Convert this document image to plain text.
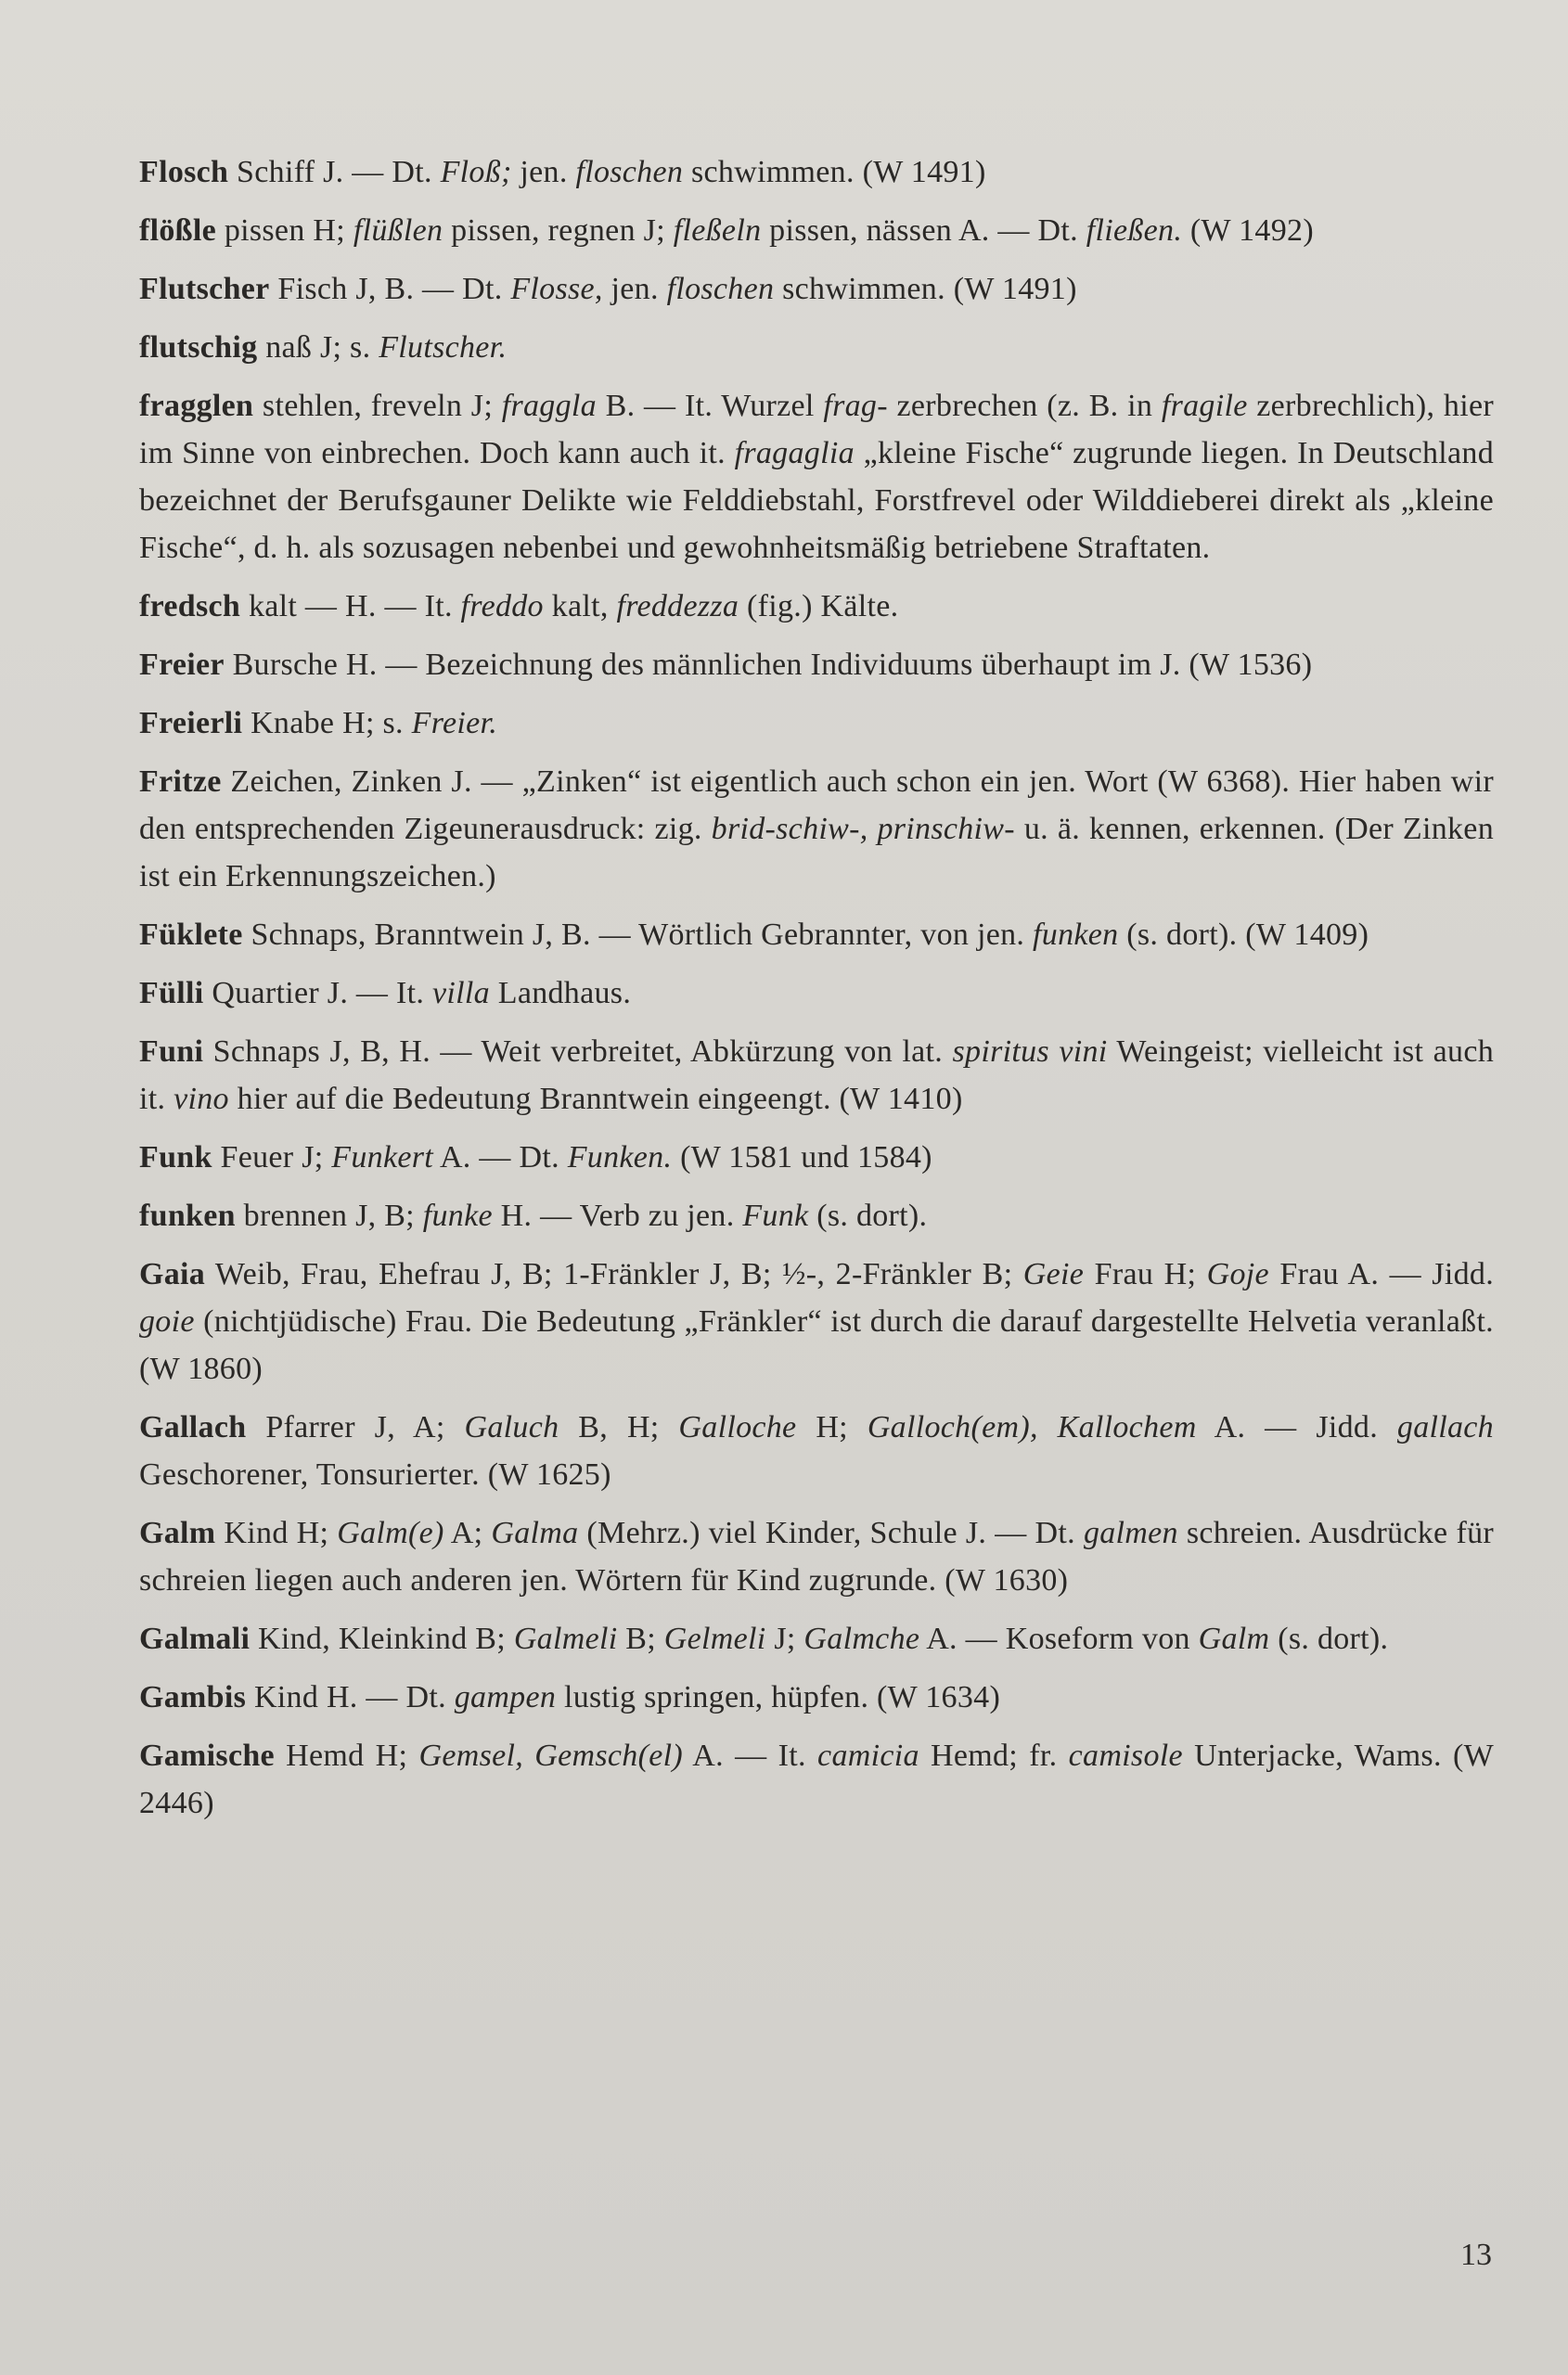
Flosch Schiff J. — Dt. Floß; jen. floschen schwimmen. (W 1491)

flößle pissen H; flüßlen pissen, regnen J; fleßeln pissen, nässen A. — Dt. fließen. (W 1492)

Flutscher Fisch J, B. — Dt. Flosse, jen. floschen schwimmen. (W 1491)

flutschig naß J; s. Flutscher.

fragglen stehlen, freveln J; fraggla B. — It. Wurzel frag- zerbrechen (z. B. in fragile zerbrechlich), hier im Sinne von einbrechen. Doch kann auch it. fragaglia „kleine Fische“ zugrunde liegen. In Deutschland bezeichnet der Berufsgauner Delikte wie Felddiebstahl, Forstfrevel oder Wilddieberei direkt als „kleine Fische“, d. h. als sozusagen nebenbei und gewohnheitsmäßig betriebene Straftaten.

fredsch kalt — H. — It. freddo kalt, freddezza (fig.) Kälte.

Freier Bursche H. — Bezeichnung des männlichen Individuums überhaupt im J. (W 1536)

Freierli Knabe H; s. Freier.

Fritze Zeichen, Zinken J. — „Zinken“ ist eigentlich auch schon ein jen. Wort (W 6368). Hier haben wir den entsprechenden Zigeunerausdruck: zig. brid-schiw-, prinschiw- u. ä. kennen, erkennen. (Der Zinken ist ein Erkennungszeichen.)

Füklete Schnaps, Branntwein J, B. — Wörtlich Gebrannter, von jen. funken (s. dort). (W 1409)

Fülli Quartier J. — It. villa Landhaus.

Funi Schnaps J, B, H. — Weit verbreitet, Abkürzung von lat. spiritus vini Weingeist; vielleicht ist auch it. vino hier auf die Bedeutung Branntwein eingeengt. (W 1410)

Funk Feuer J; Funkert A. — Dt. Funken. (W 1581 und 1584)

funken brennen J, B; funke H. — Verb zu jen. Funk (s. dort).

Gaia Weib, Frau, Ehefrau J, B; 1-Fränkler J, B; ½-, 2-Fränkler B; Geie Frau H; Goje Frau A. — Jidd. goie (nichtjüdische) Frau. Die Bedeutung „Fränkler“ ist durch die darauf dargestellte Helvetia veranlaßt. (W 1860)

Gallach Pfarrer J, A; Galuch B, H; Galloche H; Galloch(em), Kallochem A. — Jidd. gallach Geschorener, Tonsurierter. (W 1625)

Galm Kind H; Galm(e) A; Galma (Mehrz.) viel Kinder, Schule J. — Dt. galmen schreien. Ausdrücke für schreien liegen auch anderen jen. Wörtern für Kind zugrunde. (W 1630)

Galmali Kind, Kleinkind B; Galmeli B; Gelmeli J; Galmche A. — Koseform von Galm (s. dort).

Gambis Kind H. — Dt. gampen lustig springen, hüpfen. (W 1634)

Gamische Hemd H; Gemsel, Gemsch(el) A. — It. camicia Hemd; fr. camisole Unterjacke, Wams. (W 2446)

13
